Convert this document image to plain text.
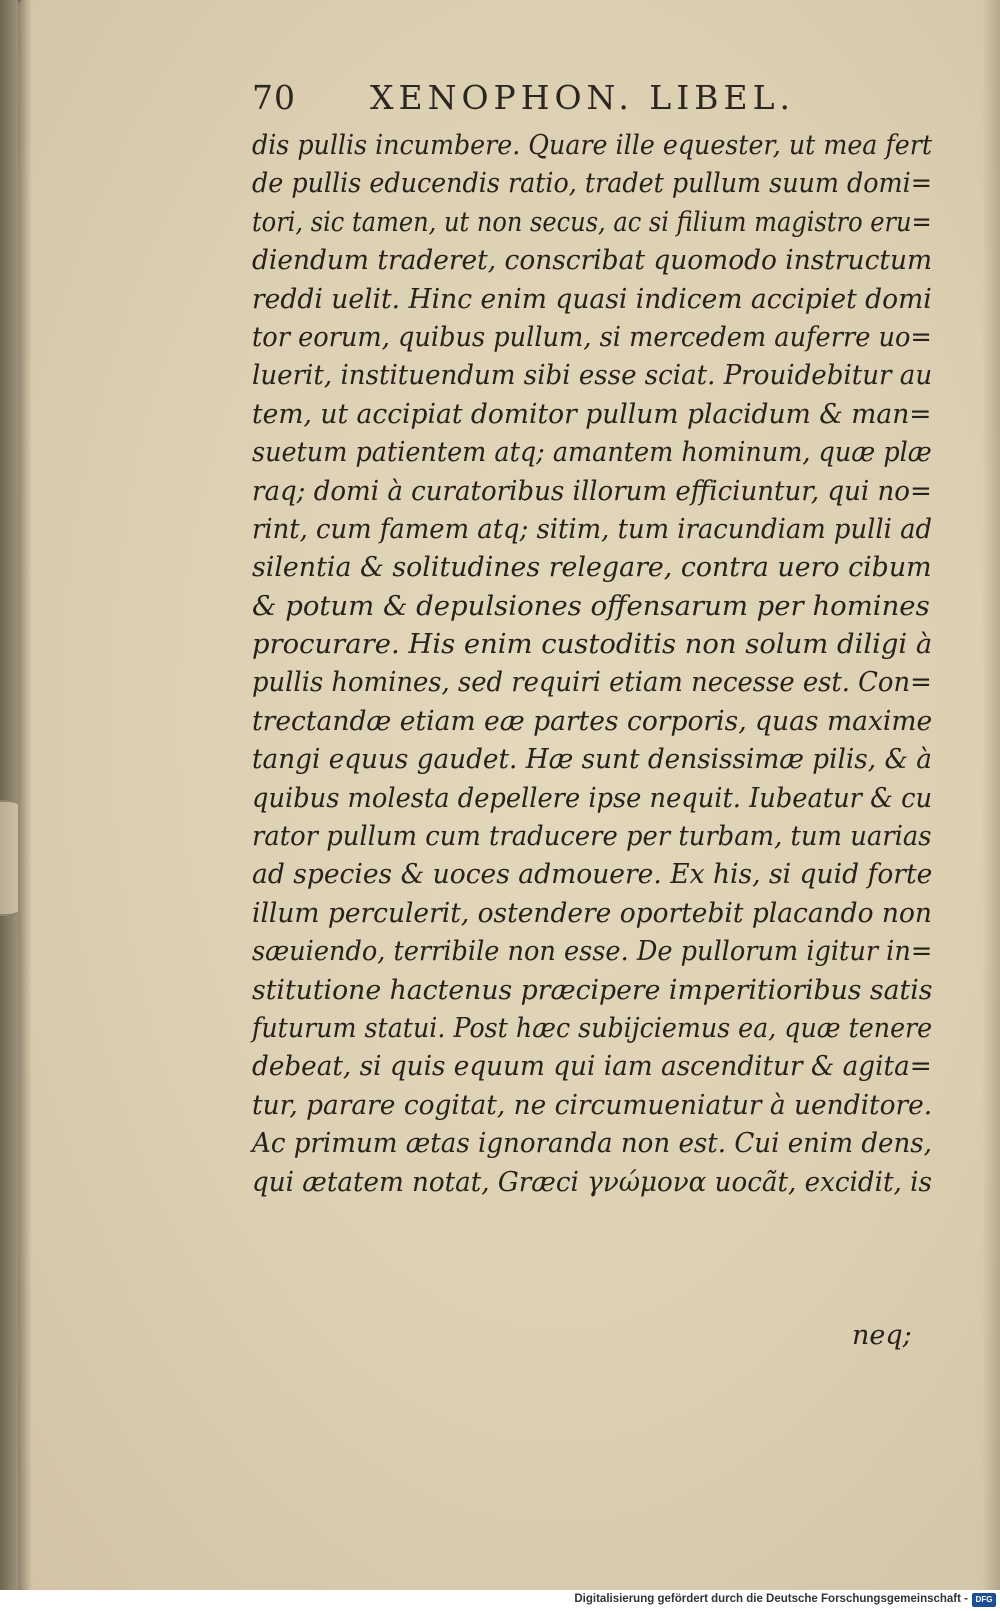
70 XENOPHON. LIBEL.
dis pullis incumbere. Quare ille equester, ut mea fert
de pullis educendis ratio, tradet pullum suum domi=
tori, sic tamen, ut non secus, ac si filium magistro eru=
diendum traderet, conscribat quomodo instructum
reddi uelit. Hinc enim quasi indicem accipiet domi
tor eorum, quibus pullum, si mercedem auferre uo=
luerit, instituendum sibi esse sciat. Prouidebitur au
tem, ut accipiat domitor pullum placidum & man=
suetum patientem atq; amantem hominum, quæ plæ
raq; domi à curatoribus illorum efficiuntur, qui no=
rint, cum famem atq; sitim, tum iracundiam pulli ad
silentia & solitudines relegare, contra uero cibum
& potum & depulsiones offensarum per homines
procurare. His enim custoditis non solum diligi à
pullis homines, sed requiri etiam necesse est. Con=
trectandæ etiam eæ partes corporis, quas maxime
tangi equus gaudet. Hæ sunt densissimæ pilis, & à
quibus molesta depellere ipse nequit. Iubeatur & cu
rator pullum cum traducere per turbam, tum uarias
ad species & uoces admouere. Ex his, si quid forte
illum perculerit, ostendere oportebit placando non
sæuiendo, terribile non esse. De pullorum igitur in=
stitutione hactenus præcipere imperitioribus satis
futurum statui. Post hæc subijciemus ea, quæ tenere
debeat, si quis equum qui iam ascenditur & agita=
tur, parare cogitat, ne circumueniatur à uenditore.
Ac primum ætas ignoranda non est. Cui enim dens,
qui ætatem notat, Græci γνώμονα uocãt, excidit, is
neq;
Digitalisierung gefördert durch die Deutsche Forschungsgemeinschaft - DFG
